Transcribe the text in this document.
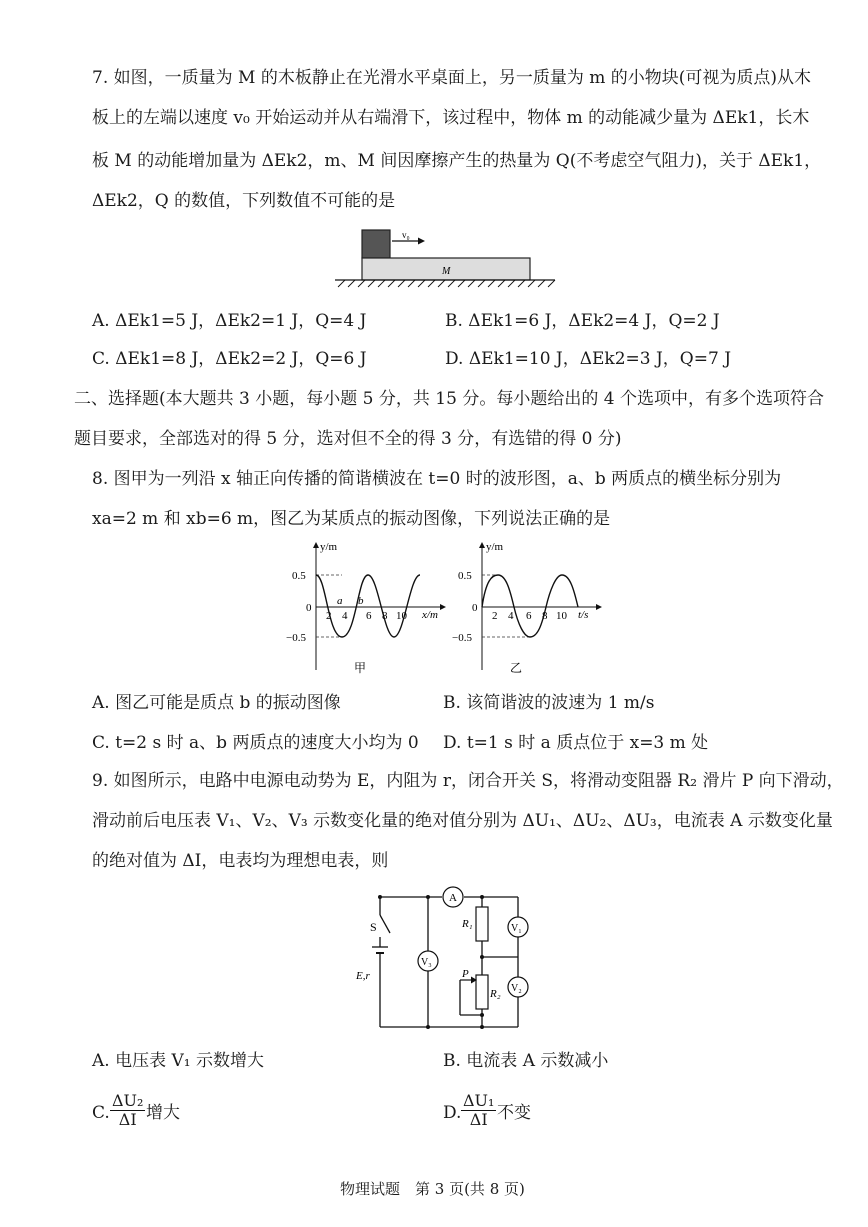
7. 如图，一质量为 M 的木板静止在光滑水平桌面上，另一质量为 m 的小物块(可视为质点)从木
板上的左端以速度 v₀ 开始运动并从右端滑下，该过程中，物体 m 的动能减少量为 ΔEk1，长木
板 M 的动能增加量为 ΔEk2，m、M 间因摩擦产生的热量为 Q(不考虑空气阻力)，关于 ΔEk1，
ΔEk2，Q 的数值，下列数值不可能的是
v₀
M
A. ΔEk1=5 J，ΔEk2=1 J，Q=4 J	B. ΔEk1=6 J，ΔEk2=4 J，Q=2 J
C. ΔEk1=8 J，ΔEk2=2 J，Q=6 J	D. ΔEk1=10 J，ΔEk2=3 J，Q=7 J
二、选择题(本大题共 3 小题，每小题 5 分，共 15 分。每小题给出的 4 个选项中，有多个选项符合
题目要求，全部选对的得 5 分，选对但不全的得 3 分，有选错的得 0 分)
8. 图甲为一列沿 x 轴正向传播的简谐横波在 t=0 时的波形图，a、b 两质点的横坐标分别为
xa=2 m 和 xb=6 m，图乙为某质点的振动图像，下列说法正确的是
y/m
x/m
0.5
0
−0.5
2 4 6 8 10
a b
甲
y/m
t/s
0.5
0
−0.5
2 4 6 8 10
乙
A. 图乙可能是质点 b 的振动图像	B. 该简谐波的波速为 1 m/s
C. t=2 s 时 a、b 两质点的速度大小均为 0 D. t=1 s 时 a 质点位于 x=3 m 处
9. 如图所示，电路中电源电动势为 E，内阻为 r，闭合开关 S，将滑动变阻器 R₂ 滑片 P 向下滑动，
滑动前后电压表 V₁、V₂、V₃ 示数变化量的绝对值分别为 ΔU₁、ΔU₂、ΔU₃，电流表 A 示数变化量
的绝对值为 ΔI，电表均为理想电表，则
A
R₁
R₂
P
V₁
V₂
V₃
S
E,r
A. 电压表 V₁ 示数增大	B. 电流表 A 示数减小
C. $\frac{\text{ΔU₂}}{\Delta I}$ 增大	D. $\frac{\text{ΔU₁}}{\Delta I}$ 不变
物理试题　第 3 页(共 8 页)
